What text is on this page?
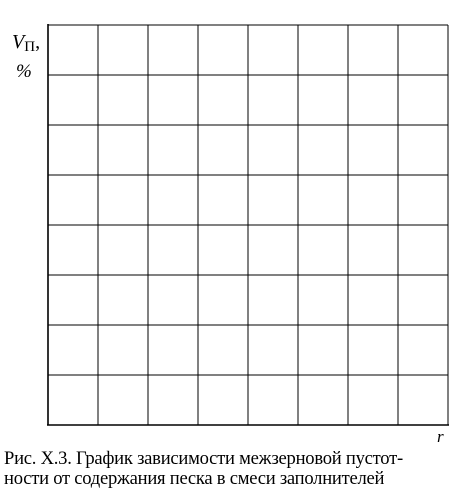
VП,
%
r
Рис. X.3. График зависимости межзерновой пустот-
ности от содержания песка в смеси заполнителей
